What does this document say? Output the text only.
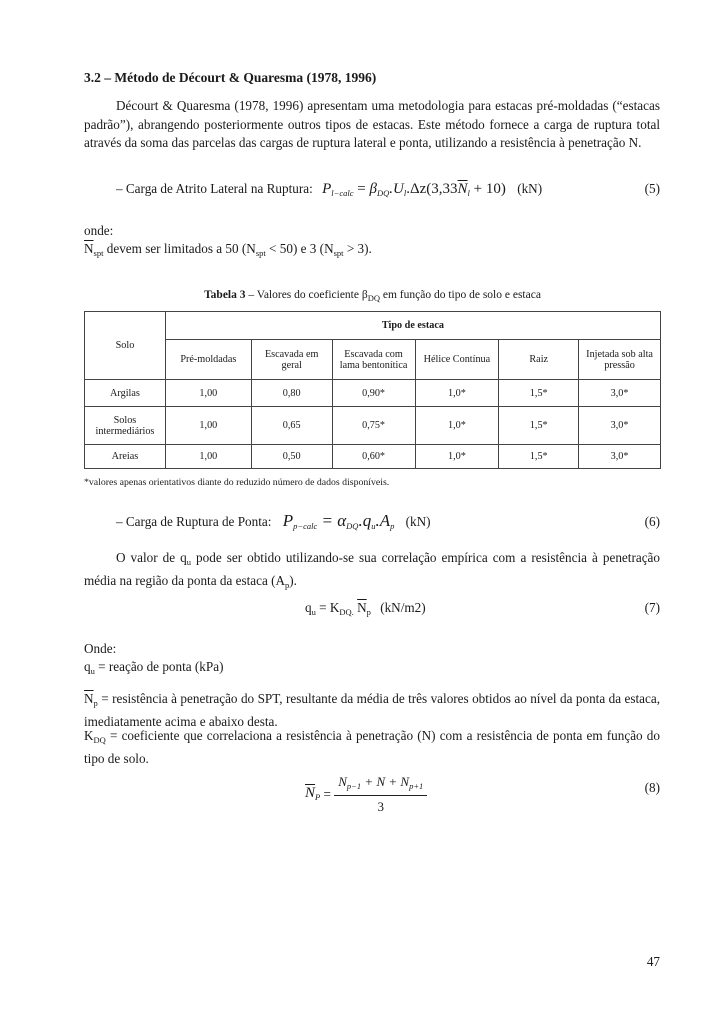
3.2 – Método de Décourt & Quaresma (1978, 1996)
Décourt & Quaresma (1978, 1996) apresentam uma metodologia para estacas pré-moldadas (“estacas padrão”), abrangendo posteriormente outros tipos de estacas. Este método fornece a carga de ruptura total através da soma das parcelas das cargas de ruptura lateral e ponta, utilizando a resistência à penetração N.
– Carga de Atrito Lateral na Ruptura: $P_{l-calc} = \beta_{DQ}.U_l.\Delta z(3,33\overline{N}_l + 10)$ (kN)	(5)
onde:
$\overline{N}_{spt}$ devem ser limitados a 50 $(N_{spt} < 50)$ e 3 $(N_{spt} > 3)$.
Tabela 3 – Valores do coeficiente $\beta_{DQ}$ em função do tipo de solo e estaca
Solo	Tipo de estaca					
	Pré-moldadas	Escavada em geral	Escavada com lama bentonítica	Hélice Contínua	Raiz	Injetada sob alta pressão
Argilas	1,00	0,80	0,90*	1,0*	1,5*	3,0*
Solos intermediários	1,00	0,65	0,75*	1,0*	1,5*	3,0*
Areias	1,00	0,50	0,60*	1,0*	1,5*	3,0*
*valores apenas orientativos diante do reduzido número de dados disponíveis.
– Carga de Ruptura de Ponta: $P_{p-calc} = \alpha_{DQ}.q_u.A_p$ (kN)	(6)
O valor de $q_u$ pode ser obtido utilizando-se sua correlação empírica com a resistência à penetração média na região da ponta da estaca $(A_p)$.
$q_u = K_{DQ.}$ $\overline{N}_p$ (kN/m2)	(7)
Onde:
$q_u$ = reação de ponta (kPa)
$\overline{N}_p$ = resistência à penetração do SPT, resultante da média de três valores obtidos ao nível da ponta da estaca, imediatamente acima e abaixo desta.
$K_{DQ}$ = coeficiente que correlaciona a resistência à penetração (N) com a resistência de ponta em função do tipo de solo.
$\overline{N}_P = \frac{N_{p-1} + N + N_{p+1}}{3}$	(8)
47
